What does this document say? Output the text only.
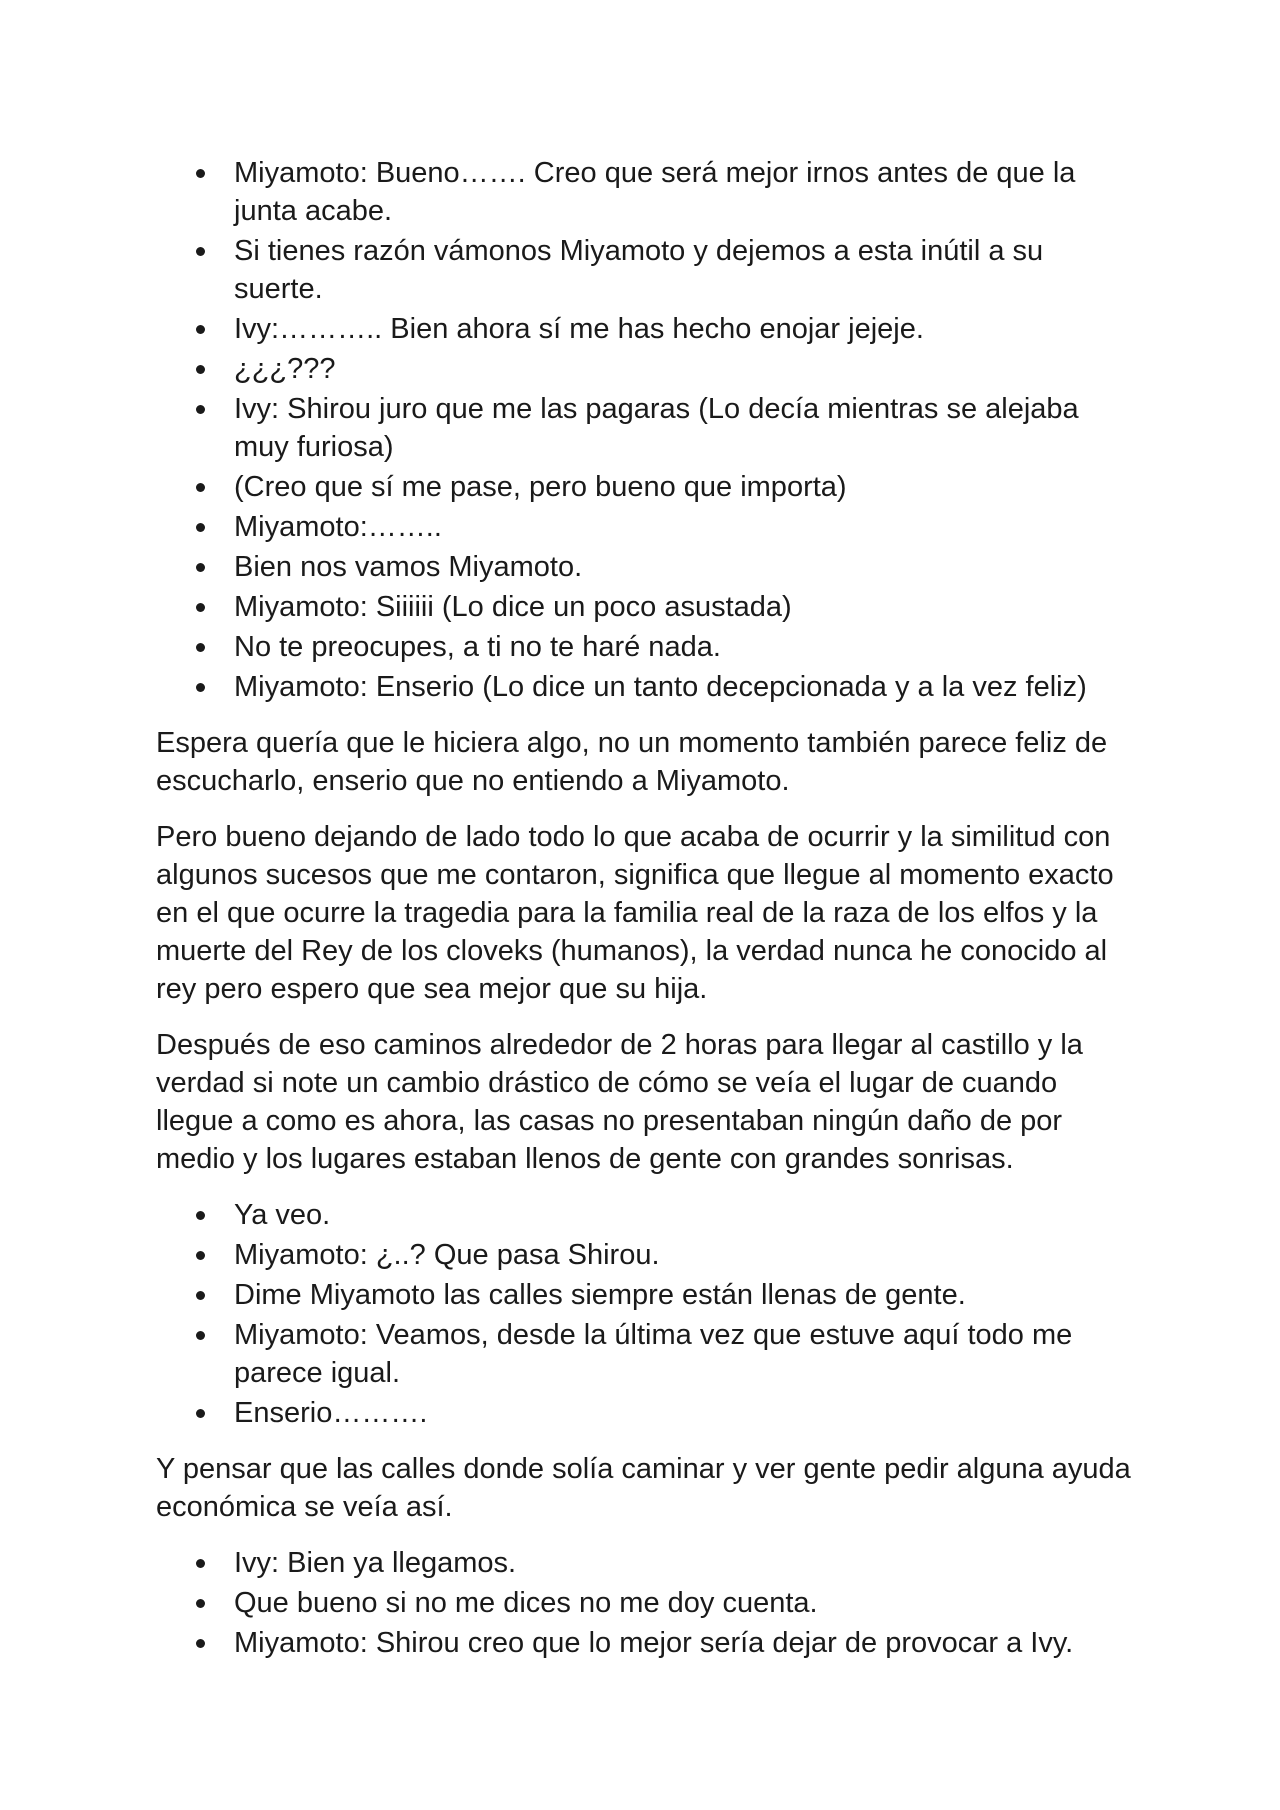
Miyamoto: Bueno……. Creo que será mejor irnos antes de que la junta acabe.
Si tienes razón vámonos Miyamoto y dejemos a esta inútil a su suerte.
Ivy:……….. Bien ahora sí me has hecho enojar jejeje.
¿¿¿???
Ivy: Shirou juro que me las pagaras (Lo decía mientras se alejaba muy furiosa)
(Creo que sí me pase, pero bueno que importa)
Miyamoto:……..
Bien nos vamos Miyamoto.
Miyamoto: Siiiiii (Lo dice un poco asustada)
No te preocupes, a ti no te haré nada.
Miyamoto: Enserio (Lo dice un tanto decepcionada y a la vez feliz)

Espera quería que le hiciera algo, no un momento también parece feliz de escucharlo, enserio que no entiendo a Miyamoto.

Pero bueno dejando de lado todo lo que acaba de ocurrir y la similitud con algunos sucesos que me contaron, significa que llegue al momento exacto en el que ocurre la tragedia para la familia real de la raza de los elfos y la muerte del Rey de los cloveks (humanos), la verdad nunca he conocido al rey pero espero que sea mejor que su hija.

Después de eso caminos alrededor de 2 horas para llegar al castillo y la verdad si note un cambio drástico de cómo se veía el lugar de cuando llegue a como es ahora, las casas no presentaban ningún daño de por medio y los lugares estaban llenos de gente con grandes sonrisas.

Ya veo.
Miyamoto: ¿..? Que pasa Shirou.
Dime Miyamoto las calles siempre están llenas de gente.
Miyamoto: Veamos, desde la última vez que estuve aquí todo me parece igual.
Enserio……….

Y pensar que las calles donde solía caminar y ver gente pedir alguna ayuda económica se veía así.

Ivy: Bien ya llegamos.
Que bueno si no me dices no me doy cuenta.
Miyamoto: Shirou creo que lo mejor sería dejar de provocar a Ivy.
